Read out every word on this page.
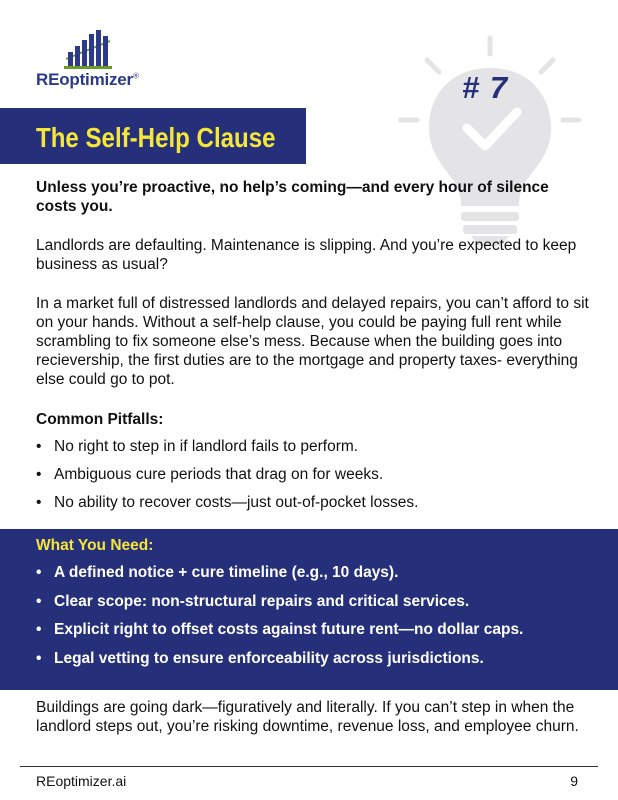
REoptimizer®	# 7
The Self-Help Clause
Unless you’re proactive, no help’s coming—and every hour of silence costs you.
Landlords are defaulting. Maintenance is slipping. And you’re expected to keep business as usual?
In a market full of distressed landlords and delayed repairs, you can’t afford to sit on your hands. Without a self-help clause, you could be paying full rent while scrambling to fix someone else’s mess. Because when the building goes into recievership, the first duties are to the mortgage and property taxes- everything else could go to pot.
Common Pitfalls:
• No right to step in if landlord fails to perform.
• Ambiguous cure periods that drag on for weeks.
• No ability to recover costs—just out-of-pocket losses.
What You Need:
• A defined notice + cure timeline (e.g., 10 days).
• Clear scope: non-structural repairs and critical services.
• Explicit right to offset costs against future rent—no dollar caps.
• Legal vetting to ensure enforceability across jurisdictions.
Buildings are going dark—figuratively and literally. If you can’t step in when the landlord steps out, you’re risking downtime, revenue loss, and employee churn.
REoptimizer.ai	9
